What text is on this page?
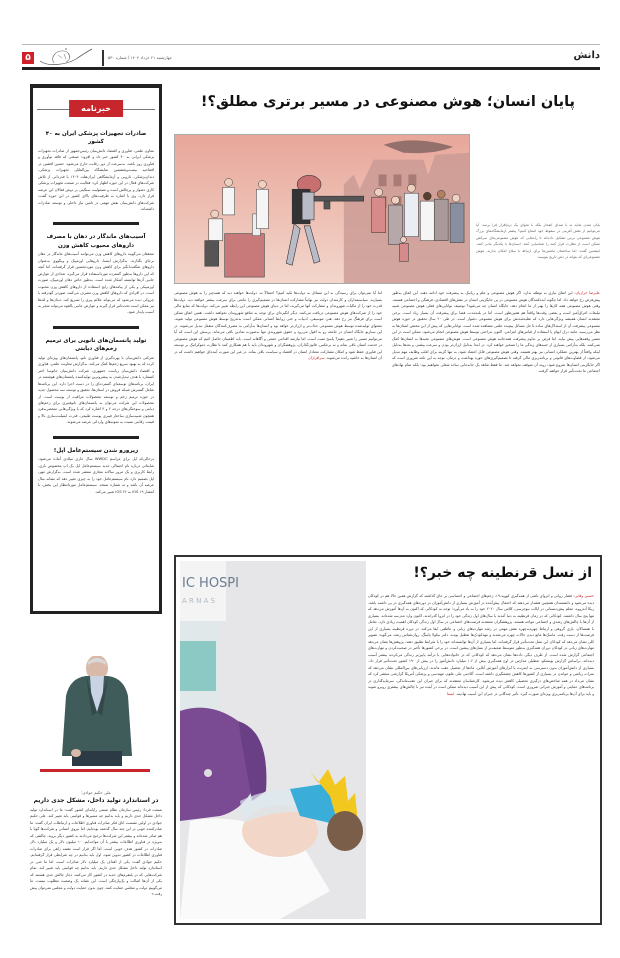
۵	چهارشنبه ۲۱ خرداد ۱۴۰۴ / شماره ۵۳۰	دانش
خبرنامه
صادرات تجهیزات پزشکی ایران به ۴۰ کشور

معاون علمی، فناوری و اقتصاد دانش‌بنیان رئیس‌جمهور از صادرات تجهیزات پزشکی ایرانی به ۴۰ کشور خبر داد و افزود: صنعتی که فاقد نوآوری و فناوری روز باشد، به‌سرعت از دور رقابت خارج می‌شود. حسین افشین در افتتاحیه بیست‌وششمین نمایشگاه بین‌المللی تجهیزات پزشکی، دندان‌پزشکی، دارویی و آزمایشگاهی ایران‌هلث ۱۴۰۴ با قدردانی از تلاش شرکت‌های فعال در این حوزه اظهار کرد: فعالیت در صنعت تجهیزات پزشکی کاری دشوار و پرچالش است و مسئولیت سنگینی بر دوش فعالان این عرصه قرار دارد. وی با اشاره به ظرفیت‌های بالای کشور در این حوزه گفت: شرکت‌های دانش‌بنیان نقش مهمی در تامین نیاز داخلی و توسعه صادرات داشته‌اند.

آسیب‌های ماندگار در دهان با مصرف داروهای محبوب کاهش وزن

محققان می‌گویند داروهای کاهش وزن می‌توانند آسیب‌های ماندگار در دهان برجای بگذارند. به‌گزارش ایسنا، داروهایی اوزمپیک و ویگووی به‌عنوان داروهای شگفت‌انگیز برای کاهش وزن موردتحسین قرار گرفته‌اند، اما آنچه که این داروها به‌طور گسترده مورداستفاده قرار می‌گیرد، تعدادی از عوارض جانبی آن‌ها توانسته آشکار شده است. به‌طور خاص دهان اوزمپیک، صورت اوزمپیکی و یکی از پیامدهای رایج استفاده از داروهای کاهش وزن محبوب است. در افرادی که داروهای کاهش وزن مصرف می‌کنند، صورتی گودرفته یا چروکی دیده می‌شود که می‌تواند علائم پیری را تسریع کند. دندان‌ها و لثه‌ها نیز ممکن است تحت‌تاثیر قرار گیرند و عوارض جانبی بالقوه می‌تواند منجر به آسیب پایدار شود.

تولید پانسمان‌های نانویی برای ترمیم زخم‌های دیابتی

شرکتی دانش‌بنیان با بهره‌گیری از فناوری نانو، پانسمان‌های ویژه‌ای تولید کرده که به بهبود سریع زخم‌ها کمک می‌کند. به‌گزارش معاونت علمی، فناوری و اقتصاد دانش‌بنیان ریاست جمهوری، شرکت دانش‌بنیان جانوسا اختر کسمارد با هدف تبدیل‌شدن به پیشروترین تولیدکننده پانسمان‌های هوشمند در ایران، برنامه‌های توسعه‌ای گسترده‌ای را در دست اجرا دارد. این برنامه‌ها شامل گسترش شبکه فروش در استان‌ها، تحقیق و توسعه سه محصول جدید در حوزه ترمیم زخم و توسعه محصولات مراقبت از پوست است. از محصولات این شرکت می‌توان به پانسمان‌های نانوفیبری برای زخم‌های دیابتی و سوختگی‌های درجه ۲ و ۳ اشاره کرد که با ویژگی‌هایی منحصربه‌فرد همچون شبیه‌سازی ساختار فیبری پوست طبیعی، قدرت ایمپلنت‌سازی بالا و قیمت رقابتی نسبت به نمونه‌های وارداتی عرضه می‌شوند.

زیرورو شدن سیستم‌عامل اپل!

درحالی‌که اپل برای مراسم WWDC سال جاری میلادی آماده می‌شود، شایعاتی درباره نام احتمالی جدید سیستم‌عامل اپل یک‌ اپ مخصوص بازی، رابط کاربری و یک مرور سالانه مجازی منتشر شده است. به‌گزارش مهر، اپل تصمیم دارد نام سیستم‌عامل خود را به چیزی تغییر دهد که نشانه سال عرضه آن باشد و نه شماره نسخه. سیستم‌عامل موردانتظار این بخش، با انتشار iOS ۱۹ به iOS ۲۶ تغییر می‌کند.

علی حکیم جوادی:
در استاندارد تولید داخل، مشکل جدی داریم

صنعت فردا: رئیس سازمان نظام صنفی رایانه‌ای کشور گفت: ما در استاندارد تولید داخل مشکل جدی داریم و باید بدانیم چه مسیرها و قوانینی باید تغییر کند. علی حکیم جوادی در اولین نشست اتاق فکر صادرات فناوری اطلاعات و ارتباطات ایران گفت: ما صادرکننده خوبی در این چند سال گذشته بوده‌ایم، اما نیروی انسانی و شرکت‌ها گویا با هم صادر شده‌اند و بیشتر این شرکت‌ها ترجیح می‌دادند به کشور دیگر بروند. چالشی که به‌ویژه در فناوری اطلاعات بیشتر با آن مواجه‌ایم. ۱۰ میلیون دلار و یک میلیارد دلار صادرات در کشور هدف خوبی است، اما اگر قرار است نقشه راهی برای صادرات فناوری اطلاعات در کشور تدوین شود، اول باید بدانیم در چه شرایطی قرار گرفته‌ایم. حکیم جوادی گفت: یکی از اهداف یک میلیارد دلار صادرات است، اما ما حتی در استاندارد تولید داخل مشکل جدی داریم. باید بدانیم چه قوانینی باید تغییر کند. تمام شرکت‌هایی که در پلتفرم‌های جدید در کشور کار می‌کنند، دچار چالش جدی هستند که یکی از آن‌ها اصالت و یک‌پارچگی است. این نشانه یک وضعیت مطلوب نیست. ما می‌گوییم دولت و مجلس حمایت کنند، چون بدون حمایت دولت و مجلس نمی‌توان پیش رفت.»

پایان انسان؛ هوش مصنوعی در مسیر برتری مطلق؟!

پایان تمدن شاید نه با صدای انفجار بلکه با نجوای یک نرم‌افزار فرا برسد. آیا می‌توانیم از نقش آفرینی در سقوط خود امتناع کنیم؟ پیشتر آزمایشگاه‌های بزرگ هوش مصنوعی ترس تشکیل داده‌اند تا راه‌هایی که هوش مصنوعی‌های سرکش ممکن است از نظارت فرار کنند را شناسایی کنند. انسان‌ها با یکدیگر تبانی کنند. اینشتین گفت: اما ساختمان ماشین‌ها برای ارتباط با سلاح امکان ندارند. هوش مصنوعی‌ای که بتواند در ذهن تاریخ بنویسد.

علیرضا خرازیان: این اتفاق نیازی به توطئه ندارد. اگر هوش مصنوعی و علم و رباتیک به پیشرفت خود ادامه دهند، این اتفاق به‌طور پیش‌فرض رخ خواهد داد. اما چگونه ایده‌کنندگان هوش مصنوعی در پی جایگزینی انسان در نقش‌های اقتصادی، فرهنگی و اجتماعی هستند. وقتی هوش مصنوعی همه کارها را بهتر از ما انجام دهد، جایگاه انسان چه می‌شود؟ توصیف توانایی‌های فعلی هوش مصنوعی شبیه تبلیغات اغراق‌آمیز است و بعضی وقت‌ها واقعاً هم همین‌طور است. اما در بلندمدت، فضا برای پیشرفت آن بسیار زیاد است. برخی معتقدند انسان همیشه ویژگی‌هایی دارد که تقلید‌شدنش برای هوش مصنوعی دشوار است. در طی ۲۰ سال تحقیق در حوزه هوش مصنوعی پیشرفت آن از استدلال‌های ساده تا حل مسائل پیچیده علمی مشاهده شده است. توانایی‌هایی که پیش از این مختص انسان‌ها به نظر می‌رسید، مانند درک ابهام یا استفاده از قیاس‌های انتزاعی، اکنون به‌راحتی توسط هوش مصنوعی انجام می‌شود. ممکن است در این مسیر وقفه‌هایی پیش بیاید، اما فرض بر تداوم پیشرفت همه‌جانبه هوش مصنوعی است. هوش‌های مصنوعی نخبه‌ها به انسان‌ها کمک نمی‌کنند، بلکه به‌آرامی بسیاری از جنبه‌های زندگی ما را تسخیر خواهند کرد. در ابتدا به‌دلیل ارزان‌تر بودن و سرعت بیشتر، و بعدها به‌دلیل اینکه واقعاً از بهترین عملکرد انسانی نیز بهتر هستند. وقتی هوش مصنوعی قابل اعتماد شود، به تنها گزینه برای اغلب وظایف مهم تبدیل می‌شود، از قضاوت‌های قانونی و برنامه‌ریزی مالی گرفته تا تصمیم‌گیری‌های حوزه بهداشت و درمان. توجه به این نکته ضروری است که اگر جایگزینی انسان‌ها شروع شود، روند آن متوقف نخواهد شد. ما فقط شاهد یک جابه‌جایی ساده شغلی نخواهیم بود؛ بلکه تمام نهادهای اجتماعی ما تحت‌تأثیر قرار خواهند گرفت.
اما آیا نمی‌توان برای رسیدگی به این مسائل به دولت‌ها تکیه کنیم؟ احتمالاً نه. دولت‌ها خواهند دید که همه‌چیز را به هوش مصنوعی بسپارند. سیاستمداران و کارمندان دولت نیز نهایتاً مشارکت انسان‌ها در تصمیم‌گیری را مانعی برای سرعت بیشتر خواهند دید. دولت‌ها قدرت خود را از مالیات شهروندان و مشارکت آنها می‌گیرند، اما در دنیای هوش مصنوعی این رابطه تغییر می‌کند. دولت‌ها که منابع مالی خود را از شرکت‌های هوش مصنوعی دریافت می‌کنند، دیگر انگیزه‌ای برای توجه به منافع شهروندان نخواهند داشت. همین اتفاق ممکن است برای فرهنگ نیز رخ دهد. هنر، موسیقی، ادبیات و حتی روابط انسانی ممکن است به‌تدریج توسط هوش مصنوعی تولید شوند. محتوای تولیدشده توسط هوش مصنوعی جذاب‌تر و ارزان‌تر خواهد بود و انسان‌ها به‌آرامی به مصرف‌کنندگان منفعل تبدیل می‌شوند. در این سناریو جایگاه انسان در جامعه رو به افول می‌رود و حقوق شهروندی تنها به‌صورت نمادین باقی می‌ماند. پرسش این است که آیا می‌توانیم مسیر را تغییر دهیم؟ پاسخ مثبت است، اما نیازمند اقدامی جمعی و آگاهانه است. باید اطمینان حاصل کنیم که هوش مصنوعی در خدمت انسان باقی بماند و نه برعکس. قانون‌گذاران، پژوهشگران و شهروندان باید با هم همکاری کنند تا نظارت دموکراتیک بر توسعه این فناوری حفظ شود و امکان مشارکت معنادار انسان در اقتصاد و سیاست باقی بماند. در غیر این صورت آینده‌ای خواهیم داشت که در آن انسان‌ها به حاشیه رانده می‌شوند. سرافرازان
IC HOSPI
A R N A S
از نسل قرنطینه چه خبر؟!
حسین وفایی: فشار روانی و انزوای ناشی از همه‌گیری کووید-۱۹، زخم‌های اجتماعی و احساسی بر جای گذاشته که گزارش همین حالا هم در کودکان دیده می‌شود و دانشمندان همچنین هشدار می‌دهند که احتمال پیش‌آمده در آموزش بسیاری از دانش‌آموزان در دوره‌های همه‌گیری در پی داشته باشد. ریکا آندروود، معلم پیش‌دبستانی در ایالت نیوجرسی، کلاس سال ۲۰۲۰ خود را به یاد می‌آورد؛ توجه به کودکانی که اکنون به آن‌ها آموزش می‌دهد که تنها پنج سال داشتند. کودکانی که در زمان قرنطینه به دنیا آمدند یا سال‌های اول زندگی خود را در انزوا گذراندند، اکنون وارد مدرسه شده‌اند. بسیاری از آن‌ها با چالش‌های رشدی و اجتماعی مواجه هستند. پژوهشگران معتقدند فرصت‌های اجتماعی در سال اول زندگی کودکان اهمیت زیادی دارد. تعامل با همسالان، بازی گروهی و ارتباط چهره‌به‌چهره نقش مهمی در رشد مهارت‌های زبانی و عاطفی ایفا می‌کند. در دوره قرنطینه بسیاری از این فرصت‌ها از دست رفت. ماسک‌ها مانع دیدن حالات چهره می‌شدند و مهدکودک‌ها تعطیل بودند. دکتر نیکولا پاتینگ، روان‌شناس رشد، می‌گوید: تصویر کلی نشان می‌دهد که کودکان این نسل تحت‌تأثیر قرار گرفته‌اند، اما بسیاری از آن‌ها توانسته‌اند خود را با شرایط تطبیق دهند. پژوهش‌ها نشان می‌دهد مهارت‌های زبانی در کودکان دوران همه‌گیری به‌طور متوسط ضعیف‌تر از نسل‌های پیشین است. در برخی کشورها تأخیر در صحبت‌کردن و مهارت‌های اجتماعی گزارش شده است. از طرف دیگر، داده‌ها نشان می‌دهد که کودکانی که در خانواده‌هایی با درآمد پایین‌تر زندگی می‌کردند بیشتر آسیب دیده‌اند. براساس گزارش یونسکو، تعطیلی مدارس در اوج همه‌گیری بیش از ۱.۶ میلیارد دانش‌آموز را در بیش از ۱۹۰ کشور تحت‌تأثیر قرار داد. بسیاری از دانش‌آموزان بدون دسترسی به اینترنت یا ابزارهای آموزش آنلاین، ماه‌ها از تحصیل عقب ماندند. ارزیابی‌های بین‌المللی نشان می‌دهد که نمرات ریاضی و خواندن در بسیاری از کشورها کاهش چشمگیری داشته است. آکادمی ملی علوم، مهندسی و پزشکی آمریکا گزارشی منتشر کرد که نشان می‌داد در همه شاخص‌های درگیری تحصیلی کاهش دیده می‌شود. کارشناسان معتقدند که برای جبران این عقب‌ماندگی، سرمایه‌گذاری در برنامه‌های حمایتی و آموزش جبرانی ضروری است. کودکانی که پیش از این آسیب دیده‌اند ممکن است در آینده نیز با چالش‌های بیشتری روبرو شوند و باید برای آن‌ها برنامه‌ریزی ویژه‌ای صورت گیرد. تأثیر چندگانی در جبران این آسیب نهادینه. ایسنا
